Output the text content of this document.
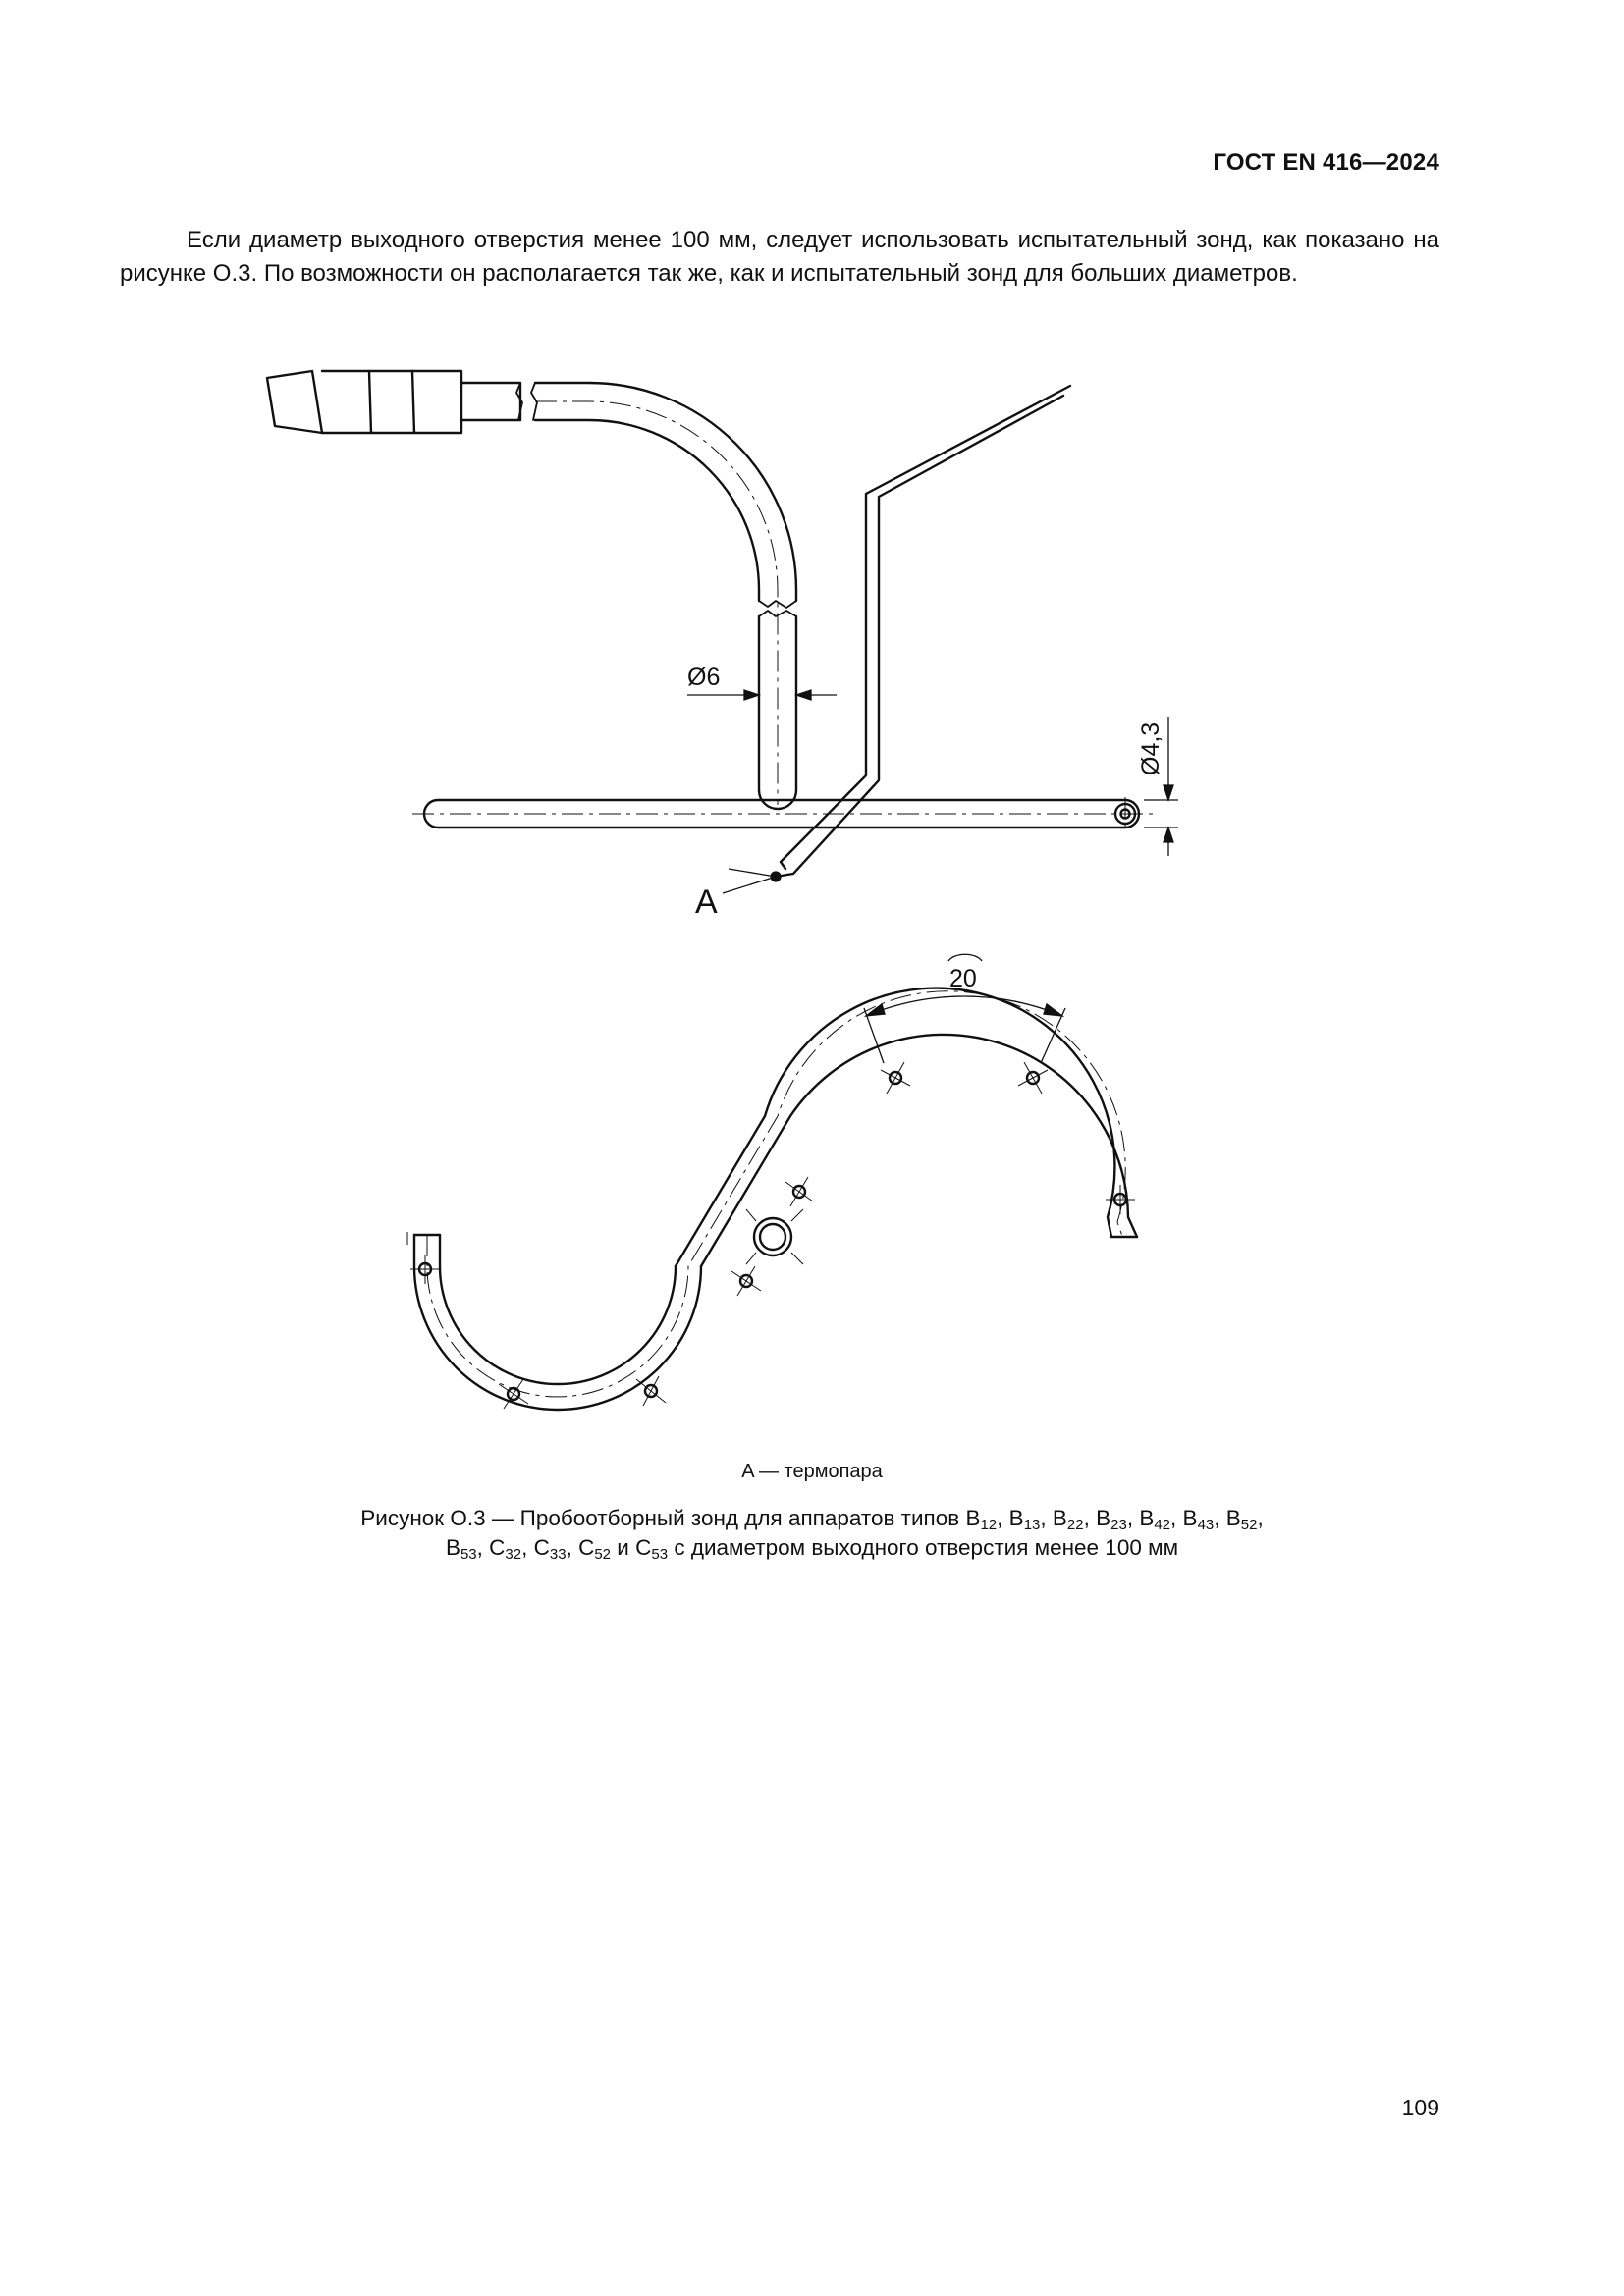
ГОСТ EN 416—2024

Если диаметр выходного отверстия менее 100 мм, следует использовать испытательный зонд, как показано на рисунке О.3. По возможности он располагается так же, как и испытательный зонд для больших диаметров.

Ø6
Ø4,3
A
20
A — термопара
Рисунок О.3 — Пробоотборный зонд для аппаратов типов $B_{12}$, $B_{13}$, $B_{22}$, $B_{23}$, $B_{42}$, $B_{43}$, $B_{52}$,
$B_{53}$, $C_{32}$, $C_{33}$, $C_{52}$ и $C_{53}$ с диаметром выходного отверстия менее 100 мм
109
